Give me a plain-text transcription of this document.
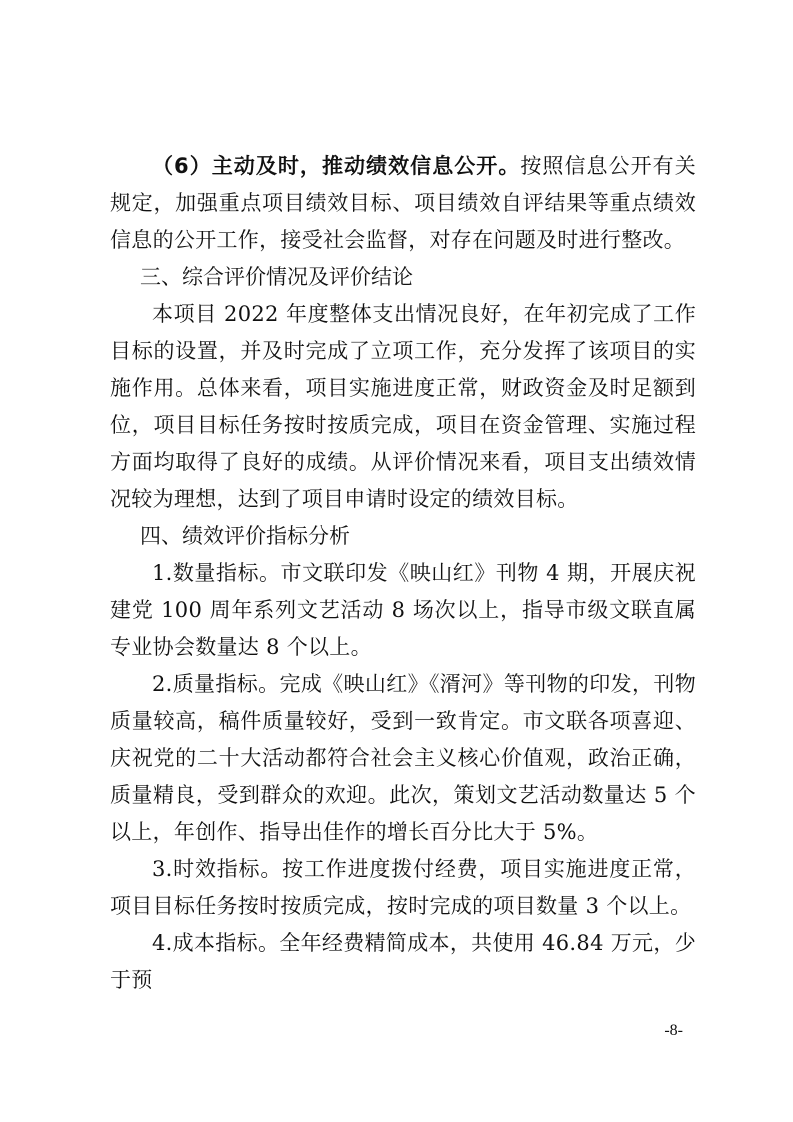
（6）主动及时，推动绩效信息公开。按照信息公开有关规定，加强重点项目绩效目标、项目绩效自评结果等重点绩效信息的公开工作，接受社会监督，对存在问题及时进行整改。

三、综合评价情况及评价结论

本项目 2022 年度整体支出情况良好，在年初完成了工作目标的设置，并及时完成了立项工作，充分发挥了该项目的实施作用。总体来看，项目实施进度正常，财政资金及时足额到位，项目目标任务按时按质完成，项目在资金管理、实施过程方面均取得了良好的成绩。从评价情况来看，项目支出绩效情况较为理想，达到了项目申请时设定的绩效目标。

四、绩效评价指标分析

1.数量指标。市文联印发《映山红》刊物 4 期，开展庆祝建党 100 周年系列文艺活动 8 场次以上，指导市级文联直属专业协会数量达 8 个以上。

2.质量指标。完成《映山红》《湑河》等刊物的印发，刊物质量较高，稿件质量较好，受到一致肯定。市文联各项喜迎、庆祝党的二十大活动都符合社会主义核心价值观，政治正确，质量精良，受到群众的欢迎。此次，策划文艺活动数量达 5 个以上，年创作、指导出佳作的增长百分比大于 5%。

3.时效指标。按工作进度拨付经费，项目实施进度正常，项目目标任务按时按质完成，按时完成的项目数量 3 个以上。

4.成本指标。全年经费精简成本，共使用 46.84 万元，少于预

-8-
